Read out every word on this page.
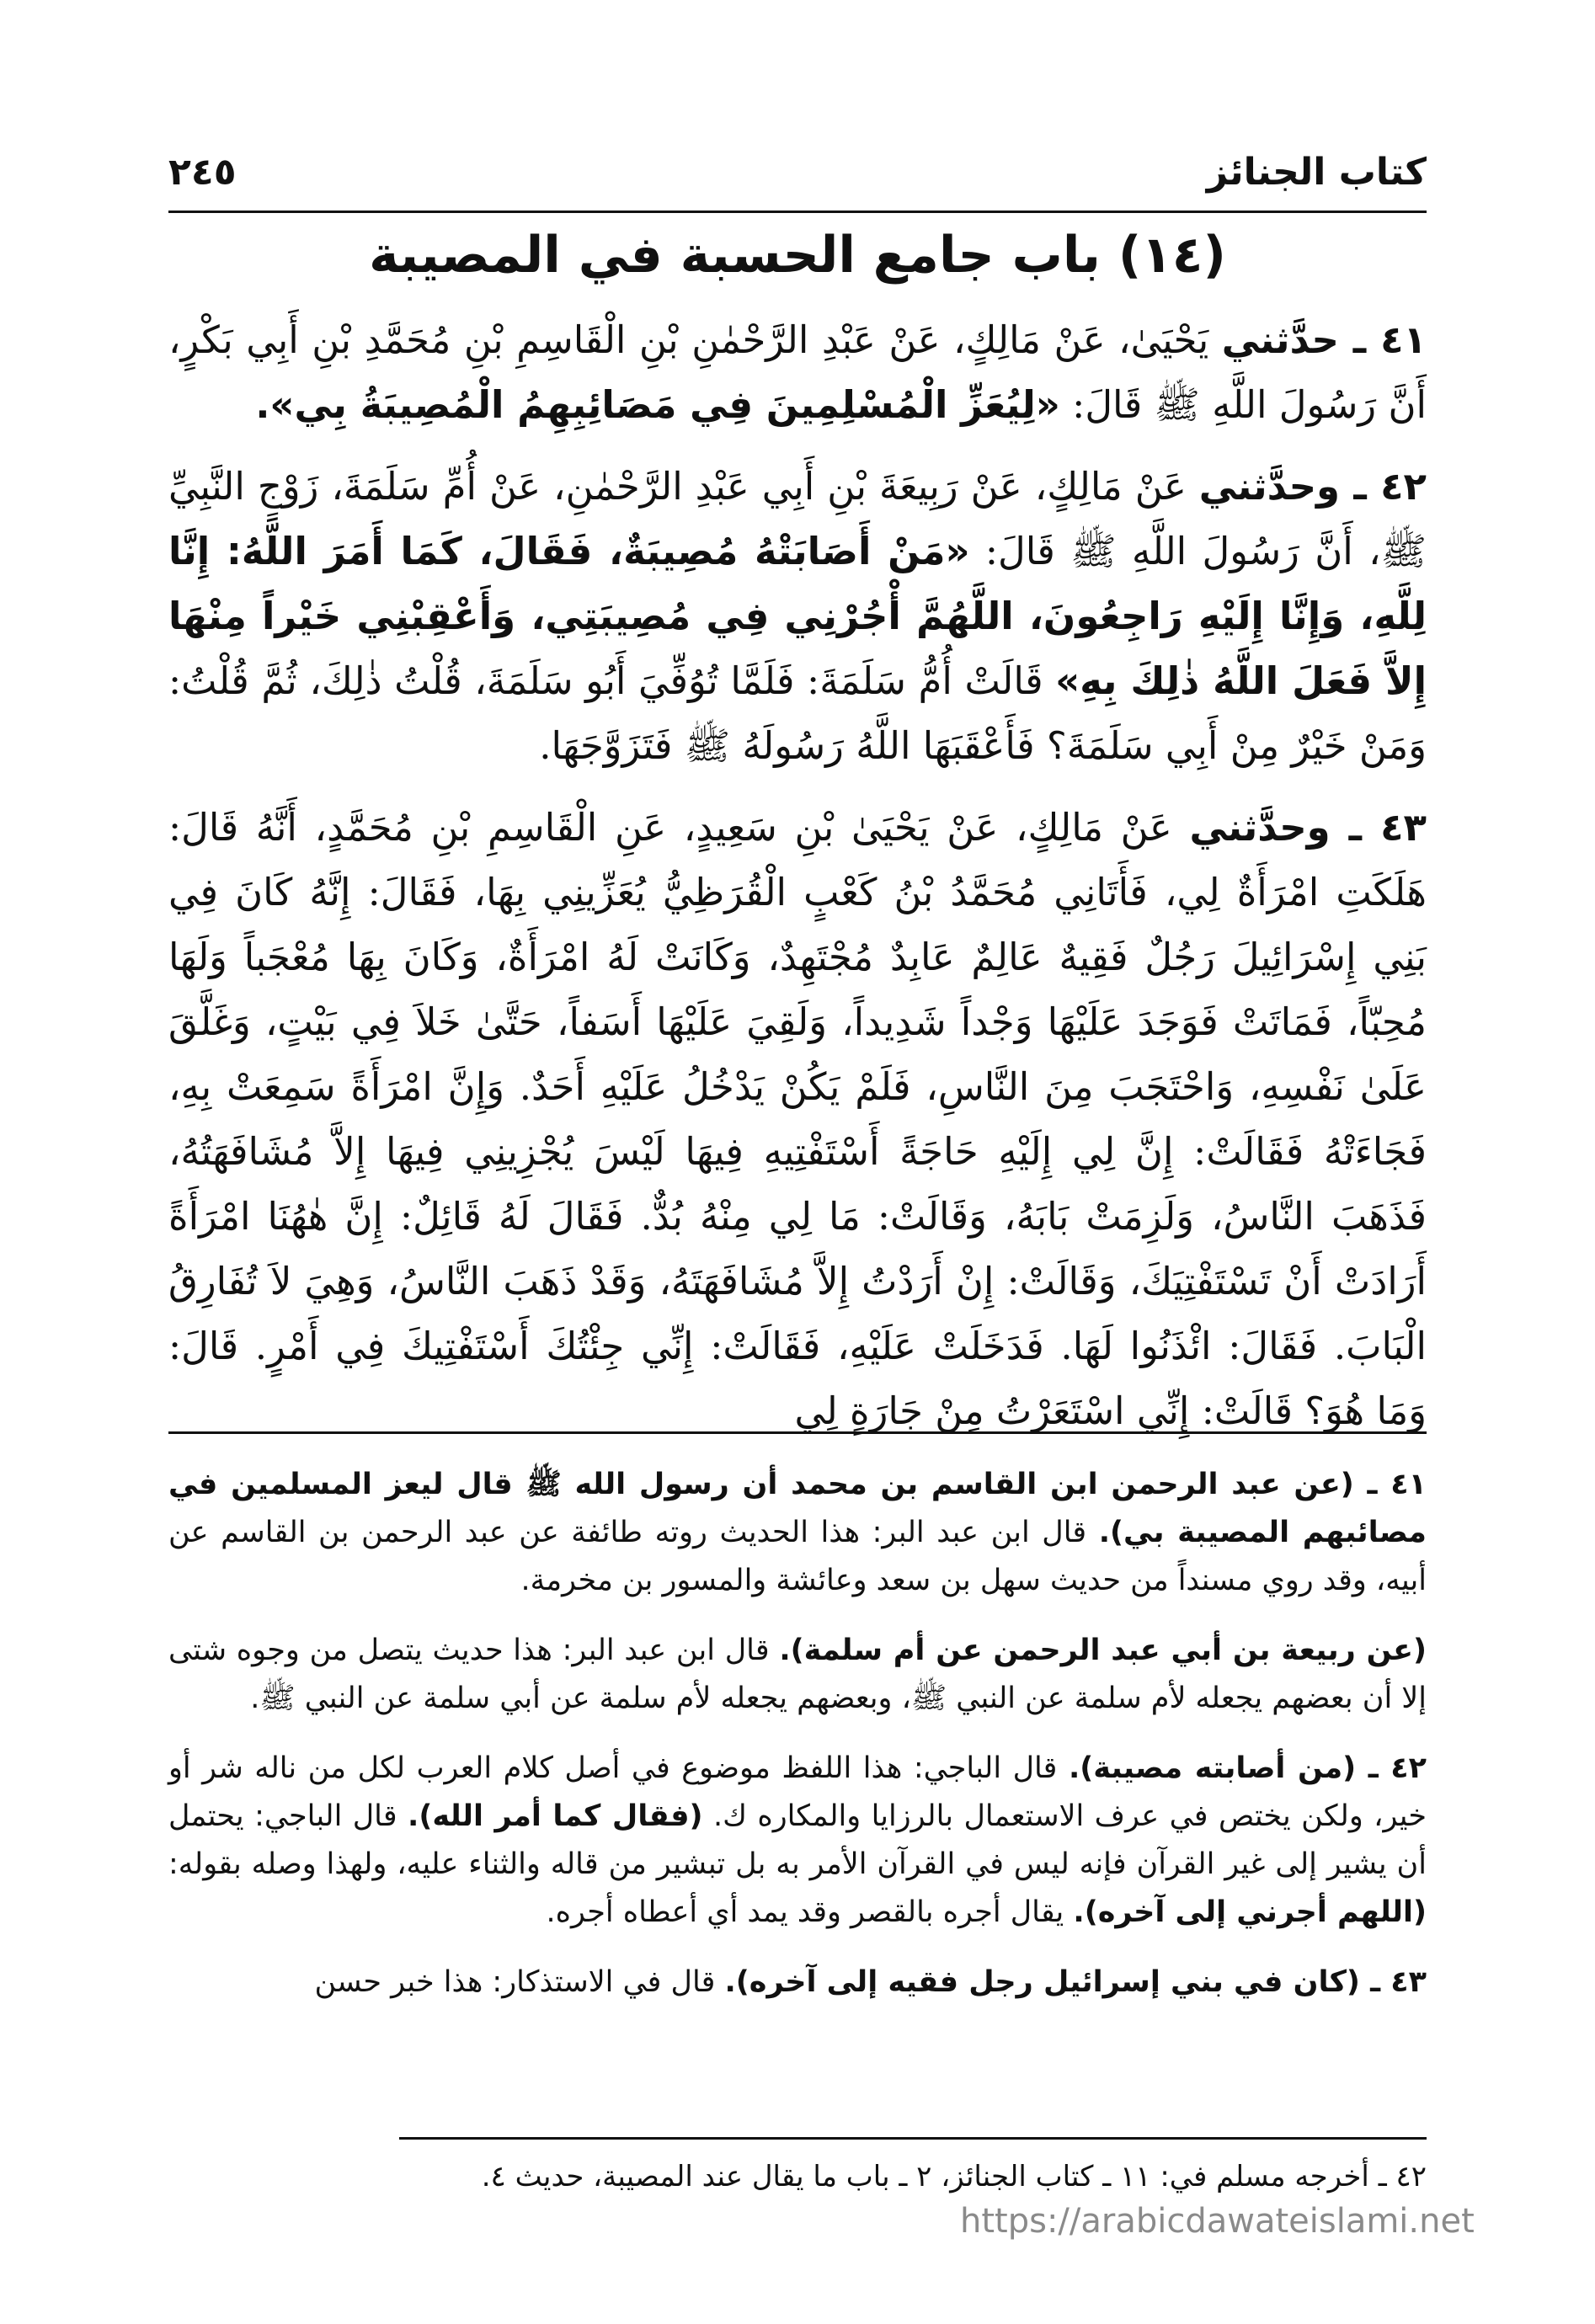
كتاب الجنائز
٢٤٥
(١٤) باب جامع الحسبة في المصيبة

٤١ ـ حدَّثني يَحْيَىٰ، عَنْ مَالِكٍ، عَنْ عَبْدِ الرَّحْمٰنِ بْنِ الْقَاسِمِ بْنِ مُحَمَّدِ بْنِ أَبِي بَكْرٍ، أَنَّ رَسُولَ اللَّهِ ﷺ قَالَ: «لِيُعَزِّ الْمُسْلِمِينَ فِي مَصَائِبِهِمُ الْمُصِيبَةُ بِي».

٤٢ ـ وحدَّثني عَنْ مَالِكٍ، عَنْ رَبِيعَةَ بْنِ أَبِي عَبْدِ الرَّحْمٰنِ، عَنْ أُمِّ سَلَمَةَ، زَوْجِ النَّبِيِّ ﷺ، أَنَّ رَسُولَ اللَّهِ ﷺ قَالَ: «مَنْ أَصَابَتْهُ مُصِيبَةٌ، فَقَالَ، كَمَا أَمَرَ اللَّهُ: إِنَّا لِلَّهِ، وَإِنَّا إِلَيْهِ رَاجِعُونَ، اللَّهُمَّ أْجُرْنِي فِي مُصِيبَتِي، وَأَعْقِبْنِي خَيْراً مِنْهَا إِلاَّ فَعَلَ اللَّهُ ذٰلِكَ بِهِ» قَالَتْ أُمُّ سَلَمَةَ: فَلَمَّا تُوُفِّيَ أَبُو سَلَمَةَ، قُلْتُ ذٰلِكَ، ثُمَّ قُلْتُ: وَمَنْ خَيْرٌ مِنْ أَبِي سَلَمَةَ؟ فَأَعْقَبَهَا اللَّهُ رَسُولَهُ ﷺ فَتَزَوَّجَهَا.

٤٣ ـ وحدَّثني عَنْ مَالِكٍ، عَنْ يَحْيَىٰ بْنِ سَعِيدٍ، عَنِ الْقَاسِمِ بْنِ مُحَمَّدٍ، أَنَّهُ قَالَ: هَلَكَتِ امْرَأَةٌ لِي، فَأَتَانِي مُحَمَّدُ بْنُ كَعْبٍ الْقُرَظِيُّ يُعَزِّينِي بِهَا، فَقَالَ: إِنَّهُ كَانَ فِي بَنِي إِسْرَائِيلَ رَجُلٌ فَقِيهٌ عَالِمٌ عَابِدٌ مُجْتَهِدٌ، وَكَانَتْ لَهُ امْرَأَةٌ، وَكَانَ بِهَا مُعْجَباً وَلَهَا مُحِبّاً، فَمَاتَتْ فَوَجَدَ عَلَيْهَا وَجْداً شَدِيداً، وَلَقِيَ عَلَيْهَا أَسَفاً، حَتَّىٰ خَلاَ فِي بَيْتٍ، وَغَلَّقَ عَلَىٰ نَفْسِهِ، وَاحْتَجَبَ مِنَ النَّاسِ، فَلَمْ يَكُنْ يَدْخُلُ عَلَيْهِ أَحَدٌ. وَإِنَّ امْرَأَةً سَمِعَتْ بِهِ، فَجَاءَتْهُ فَقَالَتْ: إِنَّ لِي إِلَيْهِ حَاجَةً أَسْتَفْتِيهِ فِيهَا لَيْسَ يُجْزِينِي فِيهَا إِلاَّ مُشَافَهَتُهُ، فَذَهَبَ النَّاسُ، وَلَزِمَتْ بَابَهُ، وَقَالَتْ: مَا لِي مِنْهُ بُدٌّ. فَقَالَ لَهُ قَائِلٌ: إِنَّ هٰهُنَا امْرَأَةً أَرَادَتْ أَنْ تَسْتَفْتِيَكَ، وَقَالَتْ: إِنْ أَرَدْتُ إِلاَّ مُشَافَهَتَهُ، وَقَدْ ذَهَبَ النَّاسُ، وَهِيَ لاَ تُفَارِقُ الْبَابَ. فَقَالَ: ائْذَنُوا لَهَا. فَدَخَلَتْ عَلَيْهِ، فَقَالَتْ: إِنِّي جِئْتُكَ أَسْتَفْتِيكَ فِي أَمْرٍ. قَالَ: وَمَا هُوَ؟ قَالَتْ: إِنِّي اسْتَعَرْتُ مِنْ جَارَةٍ لِي

٤١ ـ (عن عبد الرحمن ابن القاسم بن محمد أن رسول الله ﷺ قال ليعز المسلمين في مصائبهم المصيبة بي). قال ابن عبد البر: هذا الحديث روته طائفة عن عبد الرحمن بن القاسم عن أبيه، وقد روي مسنداً من حديث سهل بن سعد وعائشة والمسور بن مخرمة.

(عن ربيعة بن أبي عبد الرحمن عن أم سلمة). قال ابن عبد البر: هذا حديث يتصل من وجوه شتى إلا أن بعضهم يجعله لأم سلمة عن النبي ﷺ، وبعضهم يجعله لأم سلمة عن أبي سلمة عن النبي ﷺ.

٤٢ ـ (من أصابته مصيبة). قال الباجي: هذا اللفظ موضوع في أصل كلام العرب لكل من ناله شر أو خير، ولكن يختص في عرف الاستعمال بالرزايا والمكاره ك. (فقال كما أمر الله). قال الباجي: يحتمل أن يشير إلى غير القرآن فإنه ليس في القرآن الأمر به بل تبشير من قاله والثناء عليه، ولهذا وصله بقوله: (اللهم أجرني إلى آخره). يقال أجره بالقصر وقد يمد أي أعطاه أجره.

٤٣ ـ (كان في بني إسرائيل رجل فقيه إلى آخره). قال في الاستذكار: هذا خبر حسن

٤٢ ـ أخرجه مسلم في: ١١ ـ كتاب الجنائز، ٢ ـ باب ما يقال عند المصيبة، حديث ٤.
https://arabicdawateislami.net
